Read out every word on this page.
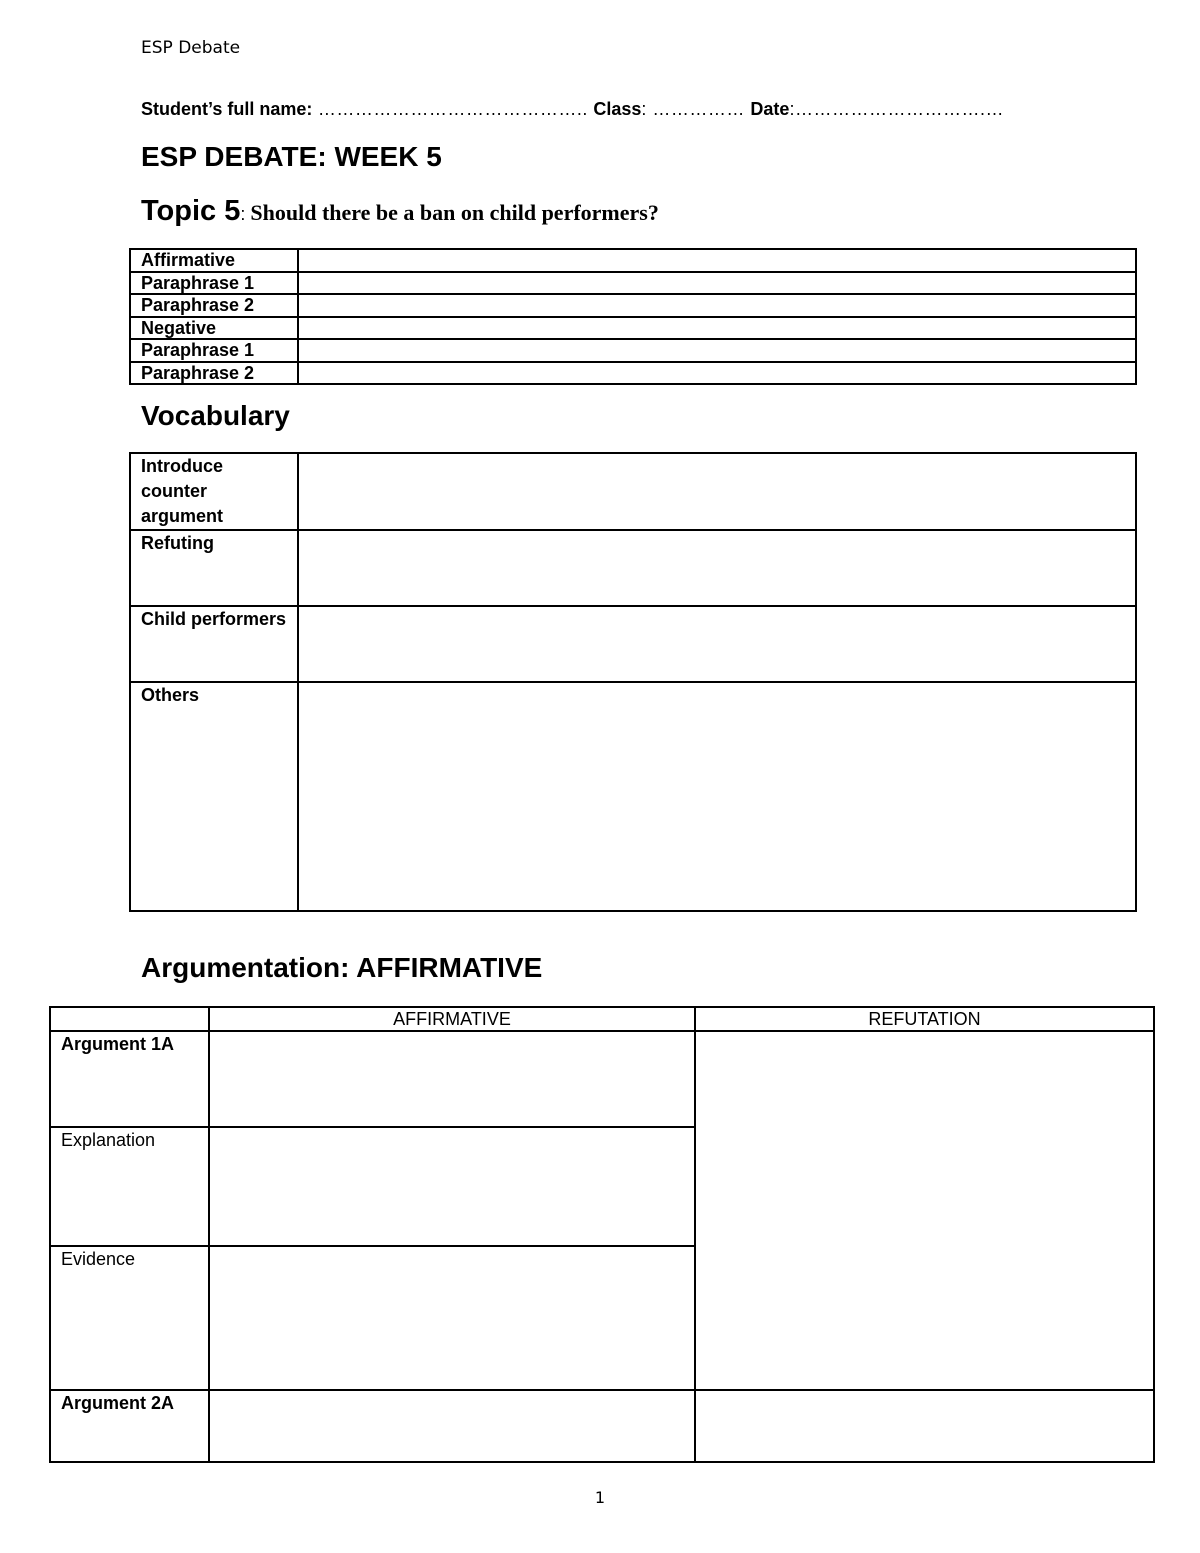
ESP Debate
Student’s full name: …………………………………….. Class: …………… Date:………………………….…
ESP DEBATE: WEEK 5
Topic 5: Should there be a ban on child performers?
Affirmative	
Paraphrase 1	
Paraphrase 2	
Negative	
Paraphrase 1	
Paraphrase 2	
Vocabulary
Introduce counter argument	
Refuting	
Child performers	
Others	
Argumentation: AFFIRMATIVE
	AFFIRMATIVE	REFUTATION
Argument 1A		
Explanation		
Evidence		
Argument 2A		
1
